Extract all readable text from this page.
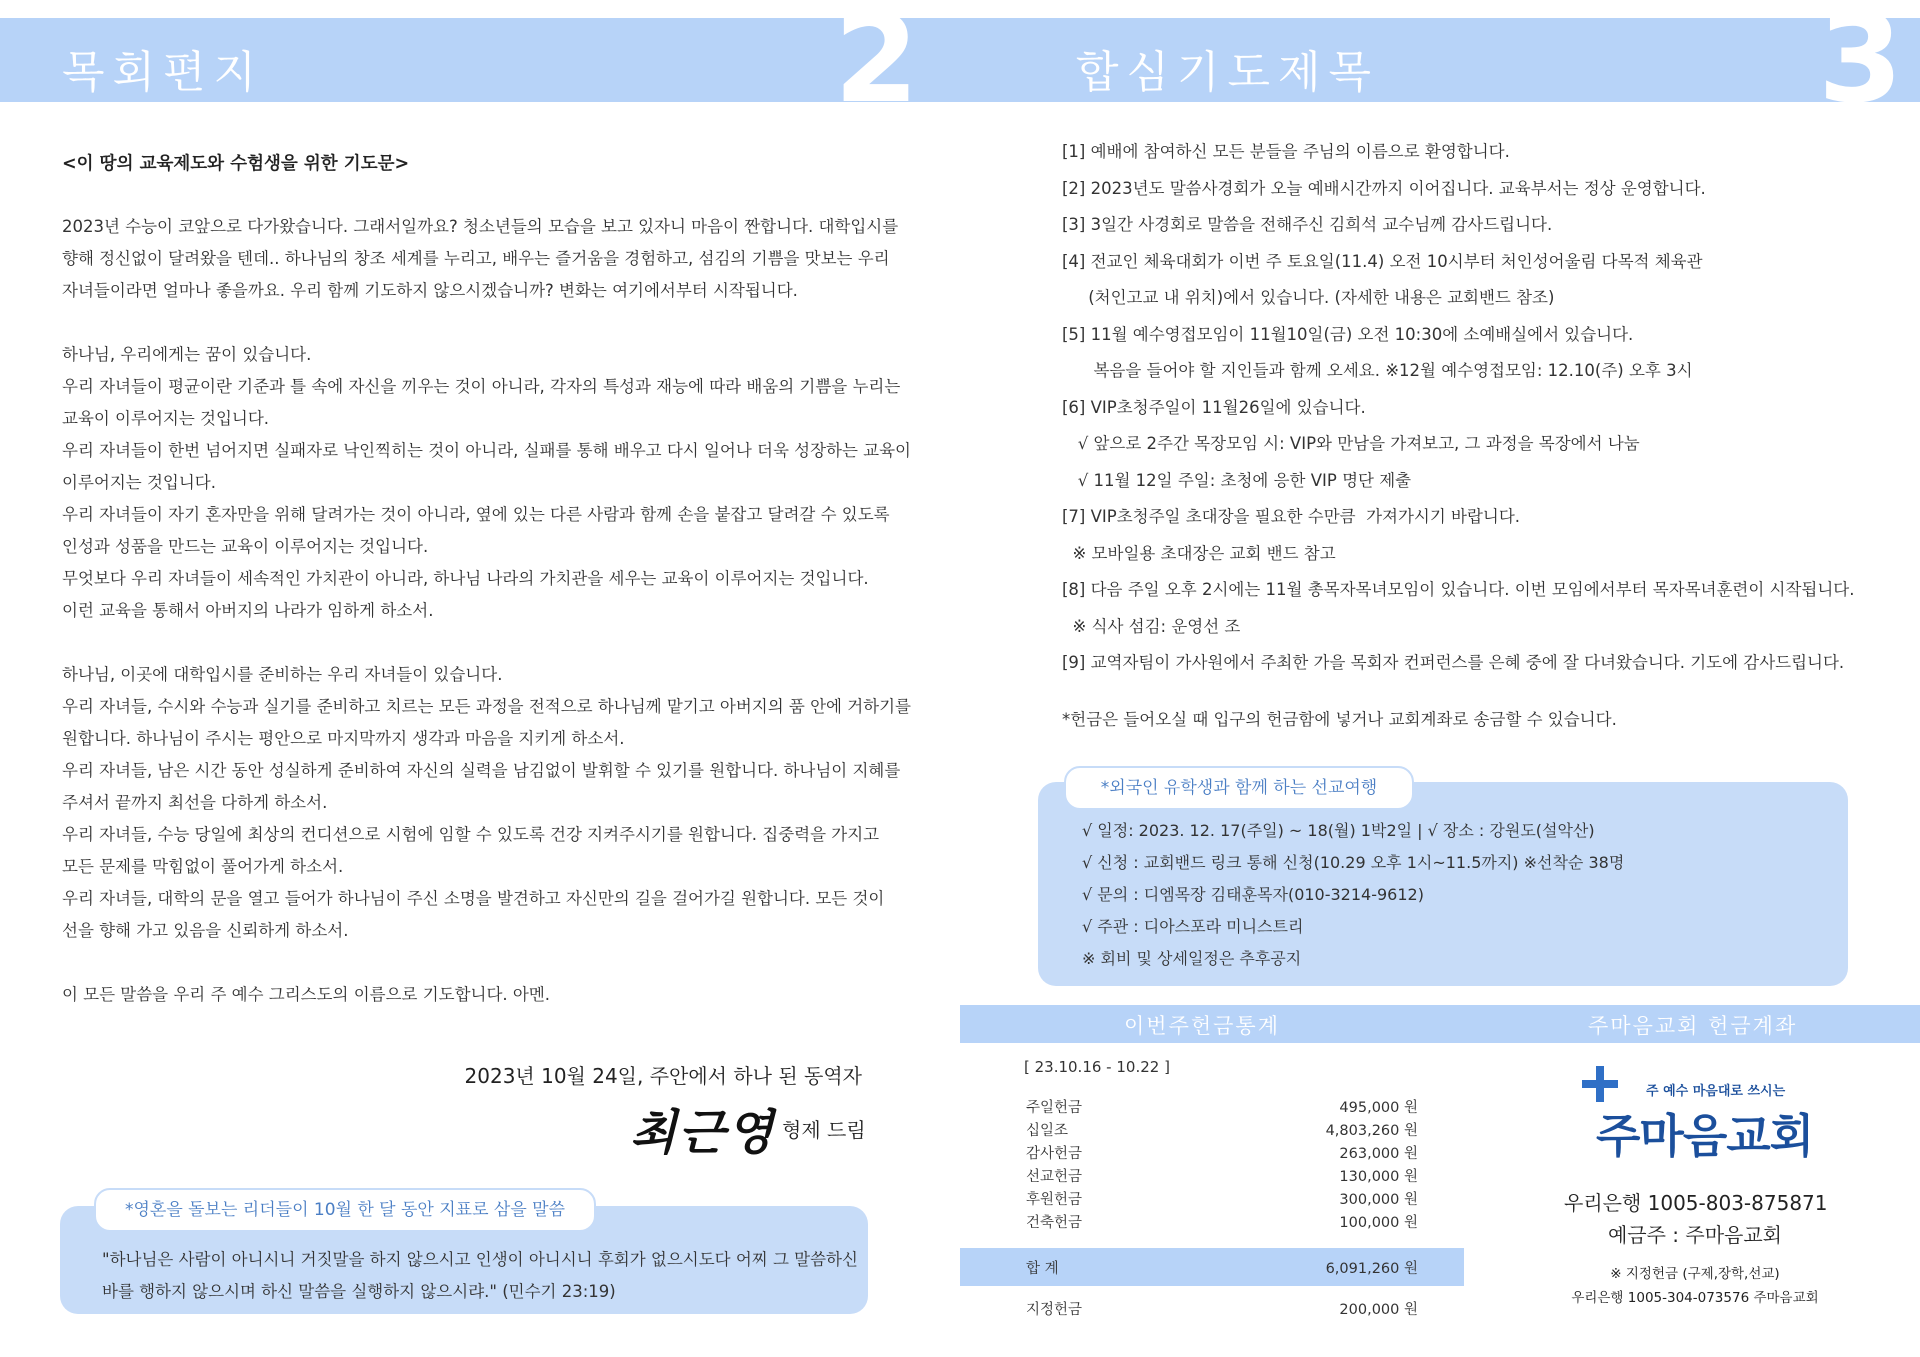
목회편지	2
<이 땅의 교육제도와 수험생을 위한 기도문>
2023년 수능이 코앞으로 다가왔습니다. 그래서일까요? 청소년들의 모습을 보고 있자니 마음이 짠합니다. 대학입시를
향해 정신없이 달려왔을 텐데.. 하나님의 창조 세계를 누리고, 배우는 즐거움을 경험하고, 섬김의 기쁨을 맛보는 우리
자녀들이라면 얼마나 좋을까요. 우리 함께 기도하지 않으시겠습니까? 변화는 여기에서부터 시작됩니다.
하나님, 우리에게는 꿈이 있습니다.
우리 자녀들이 평균이란 기준과 틀 속에 자신을 끼우는 것이 아니라, 각자의 특성과 재능에 따라 배움의 기쁨을 누리는
교육이 이루어지는 것입니다.
우리 자녀들이 한번 넘어지면 실패자로 낙인찍히는 것이 아니라, 실패를 통해 배우고 다시 일어나 더욱 성장하는 교육이
이루어지는 것입니다.
우리 자녀들이 자기 혼자만을 위해 달려가는 것이 아니라, 옆에 있는 다른 사람과 함께 손을 붙잡고 달려갈 수 있도록
인성과 성품을 만드는 교육이 이루어지는 것입니다.
무엇보다 우리 자녀들이 세속적인 가치관이 아니라, 하나님 나라의 가치관을 세우는 교육이 이루어지는 것입니다.
이런 교육을 통해서 아버지의 나라가 임하게 하소서.
하나님, 이곳에 대학입시를 준비하는 우리 자녀들이 있습니다.
우리 자녀들, 수시와 수능과 실기를 준비하고 치르는 모든 과정을 전적으로 하나님께 맡기고 아버지의 품 안에 거하기를
원합니다. 하나님이 주시는 평안으로 마지막까지 생각과 마음을 지키게 하소서.
우리 자녀들, 남은 시간 동안 성실하게 준비하여 자신의 실력을 남김없이 발휘할 수 있기를 원합니다. 하나님이 지혜를
주셔서 끝까지 최선을 다하게 하소서.
우리 자녀들, 수능 당일에 최상의 컨디션으로 시험에 임할 수 있도록 건강 지켜주시기를 원합니다. 집중력을 가지고
모든 문제를 막힘없이 풀어가게 하소서.
우리 자녀들, 대학의 문을 열고 들어가 하나님이 주신 소명을 발견하고 자신만의 길을 걸어가길 원합니다. 모든 것이
선을 향해 가고 있음을 신뢰하게 하소서.
이 모든 말씀을 우리 주 예수 그리스도의 이름으로 기도합니다. 아멘.
2023년 10월 24일, 주안에서 하나 된 동역자
최근영 형제 드림
*영혼을 돌보는 리더들이 10월 한 달 동안 지표로 삼을 말씀
"하나님은 사람이 아니시니 거짓말을 하지 않으시고 인생이 아니시니 후회가 없으시도다 어찌 그 말씀하신
바를 행하지 않으시며 하신 말씀을 실행하지 않으시랴." (민수기 23:19)
합심기도제목	3
[1] 예배에 참여하신 모든 분들을 주님의 이름으로 환영합니다.
[2] 2023년도 말씀사경회가 오늘 예배시간까지 이어집니다. 교육부서는 정상 운영합니다.
[3] 3일간 사경회로 말씀을 전해주신 김희석 교수님께 감사드립니다.
[4] 전교인 체육대회가 이번 주 토요일(11.4) 오전 10시부터 처인성어울림 다목적 체육관
(처인고교 내 위치)에서 있습니다. (자세한 내용은 교회밴드 참조)
[5] 11월 예수영접모임이 11월10일(금) 오전 10:30에 소예배실에서 있습니다.
복음을 들어야 할 지인들과 함께 오세요. ※12월 예수영접모임: 12.10(주) 오후 3시
[6] VIP초청주일이 11월26일에 있습니다.
√ 앞으로 2주간 목장모임 시: VIP와 만남을 가져보고, 그 과정을 목장에서 나눔
√ 11월 12일 주일: 초청에 응한 VIP 명단 제출
[7] VIP초청주일 초대장을 필요한 수만큼  가져가시기 바랍니다.
※ 모바일용 초대장은 교회 밴드 참고
[8] 다음 주일 오후 2시에는 11월 총목자목녀모임이 있습니다. 이번 모임에서부터 목자목녀훈련이 시작됩니다.
※ 식사 섬김: 운영선 조
[9] 교역자팀이 가사원에서 주최한 가을 목회자 컨퍼런스를 은혜 중에 잘 다녀왔습니다. 기도에 감사드립니다.
*헌금은 들어오실 때 입구의 헌금함에 넣거나 교회계좌로 송금할 수 있습니다.
*외국인 유학생과 함께 하는 선교여행
√ 일정: 2023. 12. 17(주일) ~ 18(월) 1박2일 | √ 장소 : 강원도(설악산)
√ 신청 : 교회밴드 링크 통해 신청(10.29 오후 1시~11.5까지) ※선착순 38명
√ 문의 : 디엠목장 김태훈목자(010-3214-9612)
√ 주관 : 디아스포라 미니스트리
※ 회비 및 상세일정은 추후공지
이번주헌금통계	주마음교회 헌금계좌
[ 23.10.16 - 10.22 ]
주일헌금	495,000 원
십일조	4,803,260 원
감사헌금	263,000 원
선교헌금	130,000 원
후원헌금	300,000 원
건축헌금	100,000 원
합 계	6,091,260 원
지정헌금	200,000 원
주 예수 마음대로 쓰시는
주마음교회
우리은행 1005-803-875871
예금주 : 주마음교회
※ 지정헌금 (구제,장학,선교)
우리은행 1005-304-073576 주마음교회
